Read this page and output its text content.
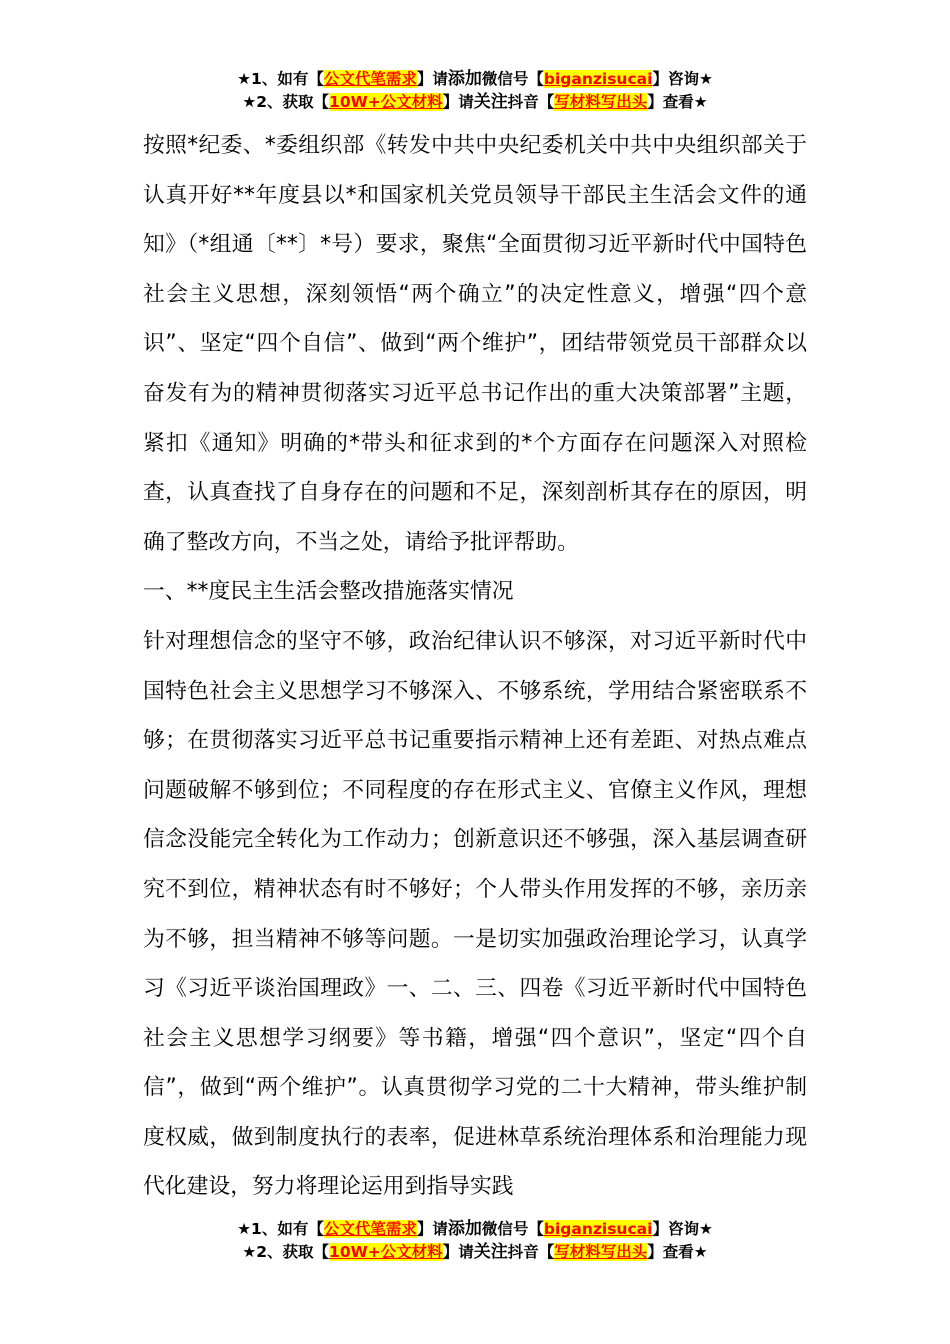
★1、如有【公文代笔需求】请添加微信号【biganzisucai】咨询★
★2、获取【10W+公文材料】请关注抖音【写材料写出头】查看★

按照*纪委、*委组织部《转发中共中央纪委机关中共中央组织部关于认真开好**年度县以*和国家机关党员领导干部民主生活会文件的通知》（*组通〔**〕*号）要求，聚焦“全面贯彻习近平新时代中国特色社会主义思想，深刻领悟“两个确立”的决定性意义，增强“四个意识”、坚定“四个自信”、做到“两个维护”，团结带领党员干部群众以奋发有为的精神贯彻落实习近平总书记作出的重大决策部署”主题，紧扣《通知》明确的*带头和征求到的*个方面存在问题深入对照检查，认真查找了自身存在的问题和不足，深刻剖析其存在的原因，明确了整改方向，不当之处，请给予批评帮助。

一、**度民主生活会整改措施落实情况

针对理想信念的坚守不够，政治纪律认识不够深，对习近平新时代中国特色社会主义思想学习不够深入、不够系统，学用结合紧密联系不够；在贯彻落实习近平总书记重要指示精神上还有差距、对热点难点问题破解不够到位；不同程度的存在形式主义、官僚主义作风，理想信念没能完全转化为工作动力；创新意识还不够强，深入基层调查研究不到位，精神状态有时不够好；个人带头作用发挥的不够，亲历亲为不够，担当精神不够等问题。一是切实加强政治理论学习，认真学习《习近平谈治国理政》一、二、三、四卷《习近平新时代中国特色社会主义思想学习纲要》等书籍，增强“四个意识”，坚定“四个自信”，做到“两个维护”。认真贯彻学习党的二十大精神，带头维护制度权威，做到制度执行的表率，促进林草系统治理体系和治理能力现代化建设，努力将理论运用到指导实践

★1、如有【公文代笔需求】请添加微信号【biganzisucai】咨询★
★2、获取【10W+公文材料】请关注抖音【写材料写出头】查看★
